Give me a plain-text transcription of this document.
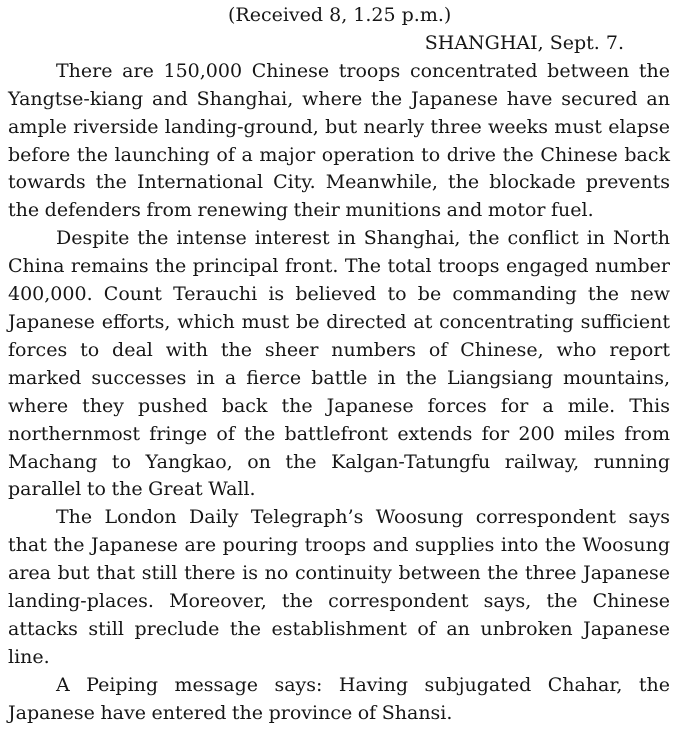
(Received 8, 1.25 p.m.)

SHANGHAI, Sept. 7.

There are 150,000 Chinese troops concentrated between the Yangtse-kiang and Shanghai, where the Japanese have secured an ample riverside landing-ground, but nearly three weeks must elapse before the launching of a major operation to drive the Chinese back towards the International City. Meanwhile, the blockade prevents the defenders from renewing their munitions and motor fuel.

Despite the intense interest in Shanghai, the conflict in North China remains the principal front. The total troops engaged number 400,000. Count Terauchi is believed to be commanding the new Japanese efforts, which must be directed at concentrating sufficient forces to deal with the sheer numbers of Chinese, who report marked successes in a fierce battle in the Liangsiang mountains, where they pushed back the Japanese forces for a mile. This northernmost fringe of the battlefront extends for 200 miles from Machang to Yangkao, on the Kalgan-Tatungfu railway, running parallel to the Great Wall.

The London Daily Telegraph’s Woosung correspondent says that the Japanese are pouring troops and supplies into the Woosung area but that still there is no continuity between the three Japanese landing-places. Moreover, the correspondent says, the Chinese attacks still preclude the establishment of an unbroken Japanese line.

A Peiping message says: Having subjugated Chahar, the Japanese have entered the province of Shansi.
